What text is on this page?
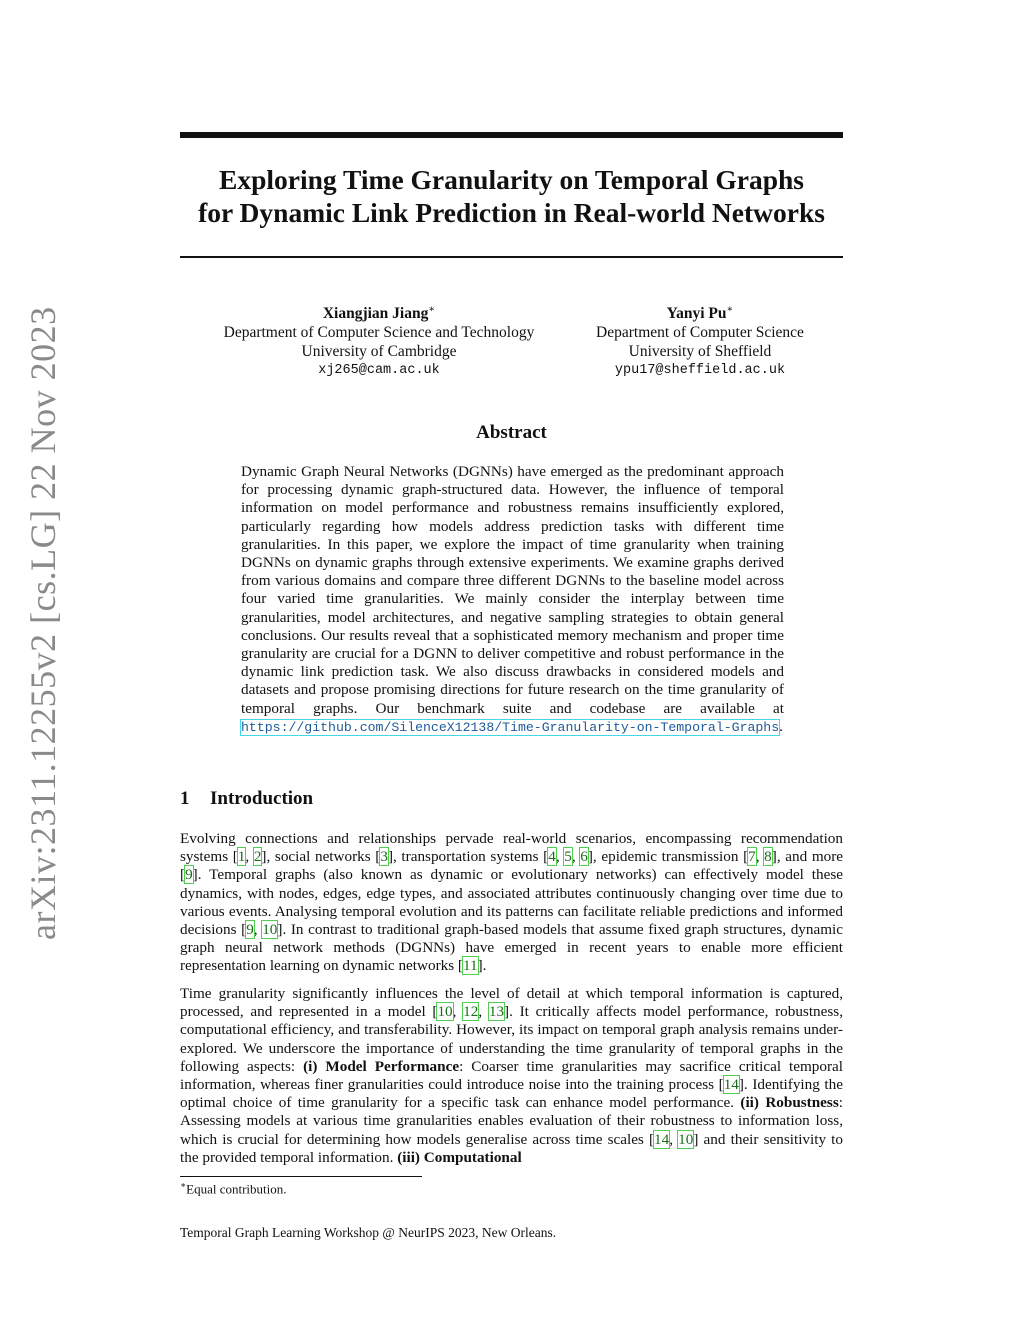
arXiv:2311.12255v2 [cs.LG] 22 Nov 2023
Exploring Time Granularity on Temporal Graphs
for Dynamic Link Prediction in Real-world Networks
Xiangjian Jiang∗
Department of Computer Science and Technology
University of Cambridge
xj265@cam.ac.uk
Yanyi Pu∗
Department of Computer Science
University of Sheffield
ypu17@sheffield.ac.uk
Abstract
Dynamic Graph Neural Networks (DGNNs) have emerged as the predominant approach for processing dynamic graph-structured data. However, the influence of temporal information on model performance and robustness remains insufficiently explored, particularly regarding how models address prediction tasks with different time granularities. In this paper, we explore the impact of time granularity when training DGNNs on dynamic graphs through extensive experiments. We examine graphs derived from various domains and compare three different DGNNs to the baseline model across four varied time granularities. We mainly consider the interplay between time granularities, model architectures, and negative sampling strategies to obtain general conclusions. Our results reveal that a sophisticated memory mechanism and proper time granularity are crucial for a DGNN to deliver competitive and robust performance in the dynamic link prediction task. We also discuss drawbacks in considered models and datasets and propose promising directions for future research on the time granularity of temporal graphs. Our benchmark suite and codebase are available at https://github.com/SilenceX12138/Time-Granularity-on-Temporal-Graphs.
1 Introduction
Evolving connections and relationships pervade real-world scenarios, encompassing recommendation systems [1, 2], social networks [3], transportation systems [4, 5, 6], epidemic transmission [7, 8], and more [9]. Temporal graphs (also known as dynamic or evolutionary networks) can effectively model these dynamics, with nodes, edges, edge types, and associated attributes continuously changing over time due to various events. Analysing temporal evolution and its patterns can facilitate reliable predictions and informed decisions [9, 10]. In contrast to traditional graph-based models that assume fixed graph structures, dynamic graph neural network methods (DGNNs) have emerged in recent years to enable more efficient representation learning on dynamic networks [11].
Time granularity significantly influences the level of detail at which temporal information is captured, processed, and represented in a model [10, 12, 13]. It critically affects model performance, robustness, computational efficiency, and transferability. However, its impact on temporal graph analysis remains under-explored. We underscore the importance of understanding the time granularity of temporal graphs in the following aspects: (i) Model Performance: Coarser time granularities may sacrifice critical temporal information, whereas finer granularities could introduce noise into the training process [14]. Identifying the optimal choice of time granularity for a specific task can enhance model performance. (ii) Robustness: Assessing models at various time granularities enables evaluation of their robustness to information loss, which is crucial for determining how models generalise across time scales [14, 10] and their sensitivity to the provided temporal information. (iii) Computational
∗Equal contribution.
Temporal Graph Learning Workshop @ NeurIPS 2023, New Orleans.
